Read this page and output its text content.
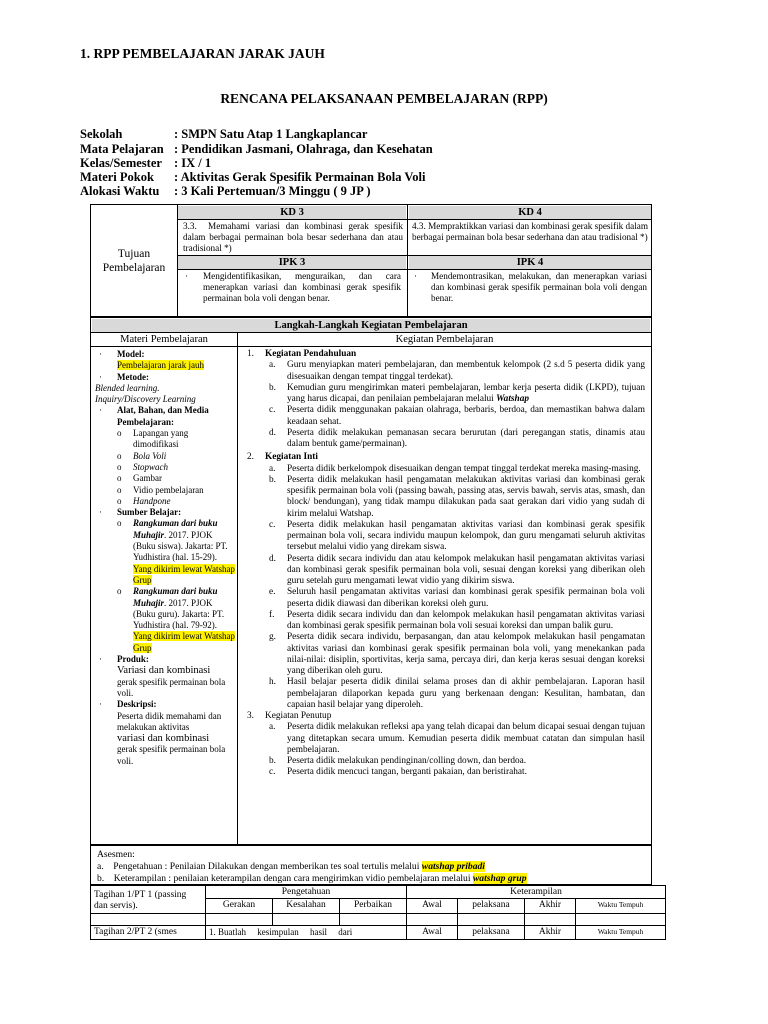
1. RPP PEMBELAJARAN JARAK JAUH
RENCANA PELAKSANAAN PEMBELAJARAN (RPP)
Sekolah	: SMPN Satu Atap 1 Langkaplancar
Mata Pelajaran : Pendidikan Jasmani, Olahraga, dan Kesehatan
Kelas/Semester : IX / 1
Materi Pokok : Aktivitas Gerak Spesifik Permainan Bola Voli
Alokasi Waktu : 3 Kali Pertemuan/3 Minggu ( 9 JP )
Tujuan Pembelajaran
KD 3	KD 4
3.3. Memahami variasi dan kombinasi gerak spesifik dalam berbagai permainan bola besar sederhana dan atau tradisional *)
4.3. Mempraktikkan variasi dan kombinasi gerak spesifik dalam berbagai permainan bola besar sederhana dan atau tradisional *)
IPK 3	IPK 4
· Mengidentifikasikan, menguraikan, dan cara menerapkan variasi dan kombinasi gerak spesifik permainan bola voli dengan benar.
· Mendemontrasikan, melakukan, dan menerapkan variasi dan kombinasi gerak spesifik permainan bola voli dengan benar.
Langkah-Langkah Kegiatan Pembelajaran
Materi Pembelajaran	Kegiatan Pembelajaran
· Model:
Pembelajaran jarak jauh
· Metode:
Blended learning.
Inquiry/Discovery Learning
· Alat, Bahan, dan Media Pembelajaran:
o	Lapangan yang dimodifikasi
o	Bola Voli
o	Stopwach
o	Gambar
o	Vidio pembelajaran
o	Handpone
· Sumber Belajar:
o	Rangkuman dari buku Muhajir. 2017. PJOK (Buku siswa). Jakarta: PT. Yudhistira (hal. 15-29). Yang dikirim lewat Watshap Grup
o	Rangkuman dari buku Muhajir. 2017. PJOK (Buku guru). Jakarta: PT. Yudhistira (hal. 79-92). Yang dikirim lewat Watshap Grup
· Produk:
Variasi dan kombinasi
gerak spesifik permainan bola voli.
· Deskripsi:
Peserta didik memahami dan melakukan aktivitas
variasi dan kombinasi
gerak spesifik permainan bola voli.
1. Kegiatan Pendahuluan
a. Guru menyiapkan materi pembelajaran, dan membentuk kelompok (2 s.d 5 peserta didik yang disesuaikan dengan tempat tinggal terdekat).
b. Kemudian guru mengirimkan materi pembelajaran, lembar kerja peserta didik (LKPD), tujuan yang harus dicapai, dan penilaian pembelajaran melalui Watshap
c. Peserta didik menggunakan pakaian olahraga, berbaris, berdoa, dan memastikan bahwa dalam keadaan sehat.
d. Peserta didik melakukan pemanasan secara berurutan (dari peregangan statis, dinamis atau dalam bentuk game/permainan).
2. Kegiatan Inti
a. Peserta didik berkelompok disesuaikan dengan tempat tinggal terdekat mereka masing-masing.
b. Peserta didik melakukan hasil pengamatan melakukan aktivitas variasi dan kombinasi gerak spesifik permainan bola voli (passing bawah, passing atas, servis bawah, servis atas, smash, dan block/ bendungan), yang tidak mampu dilakukan pada saat gerakan dari vidio yang sudah di kirim melalui Watshap.
c. Peserta didik melakukan hasil pengamatan aktivitas variasi dan kombinasi gerak spesifik permainan bola voli, secara individu maupun kelompok, dan guru mengamati seluruh aktivitas tersebut melalui vidio yang direkam siswa.
d. Peserta didik secara individu dan atau kelompok melakukan hasil pengamatan aktivitas variasi dan kombinasi gerak spesifik permainan bola voli, sesuai dengan koreksi yang diberikan oleh guru setelah guru mengamati lewat vidio yang dikirim siswa.
e. Seluruh hasil pengamatan aktivitas variasi dan kombinasi gerak spesifik permainan bola voli peserta didik diawasi dan diberikan koreksi oleh guru.
f. Peserta didik secara individu dan dan kelompok melakukan hasil pengamatan aktivitas variasi dan kombinasi gerak spesifik permainan bola voli sesuai koreksi dan umpan balik guru.
g. Peserta didik secara individu, berpasangan, dan atau kelompok melakukan hasil pengamatan aktivitas variasi dan kombinasi gerak spesifik permainan bola voli, yang menekankan pada nilai-nilai: disiplin, sportivitas, kerja sama, percaya diri, dan kerja keras sesuai dengan koreksi yang diberikan oleh guru.
h. Hasil belajar peserta didik dinilai selama proses dan di akhir pembelajaran. Laporan hasil pembelajaran dilaporkan kepada guru yang berkenaan dengan: Kesulitan, hambatan, dan capaian hasil belajar yang diperoleh.
3. Kegiatan Penutup
a. Peserta didik melakukan refleksi apa yang telah dicapai dan belum dicapai sesuai dengan tujuan yang ditetapkan secara umum. Kemudian peserta didik membuat catatan dan simpulan hasil pembelajaran.
b. Peserta didik melakukan pendinginan/colling down, dan berdoa.
c. Peserta didik mencuci tangan, berganti pakaian, dan beristirahat.
Asesmen:
a.    Pengetahuan : Penilaian Dilakukan dengan memberikan tes soal tertulis melalui watshap pribadi
b.    Keterampilan : penilaian keterampilan dengan cara mengirimkan vidio pembelajaran melalui watshap grup
Tagihan 1/PT 1 (passing dan servis).	Pengetahuan			Keterampilan			
	Gerakan	Kesalahan	Perbaikan	Awal	pelaksana	Akhir	Waktu Tempuh

Tagihan 2/PT 2 (smes	1. Buatlah     kesimpulan     hasil     dari			Awal	pelaksana	Akhir	Waktu Tempuh
